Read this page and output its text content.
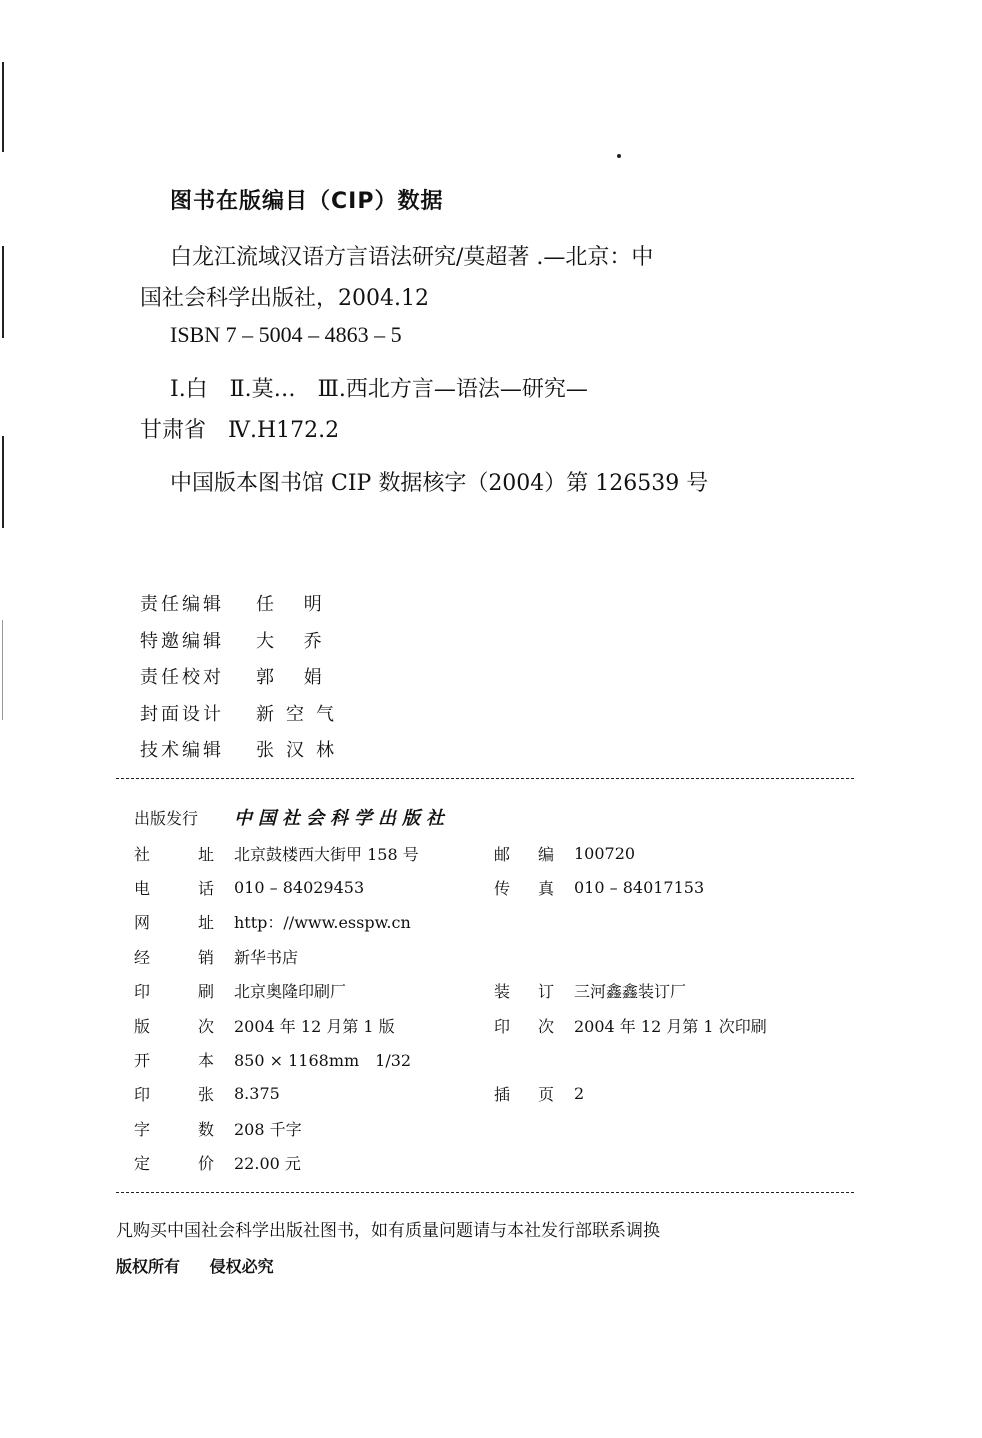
图书在版编目（CIP）数据
白龙江流域汉语方言语法研究/莫超著 .—北京：中
国社会科学出版社，2004.12
ISBN 7 – 5004 – 4863 – 5
Ⅰ.白　Ⅱ.莫…　Ⅲ.西北方言—语法—研究—
甘肃省　Ⅳ.H172.2
中国版本图书馆 CIP 数据核字（2004）第 126539 号
责任编辑	任 明
特邀编辑	大 乔
责任校对	郭 娟
封面设计	新空气
技术编辑	张汉林
出版发行	中国社会科学出版社
社	址 北京鼓楼西大街甲 158 号	邮 编 100720
电	话 010 – 84029453	传 真 010 – 84017153
网	址 http：//www.esspw.cn
经	销 新华书店
印	刷 北京奥隆印刷厂	装 订 三河鑫鑫装订厂
版	次 2004 年 12 月第 1 版	印 次 2004 年 12 月第 1 次印刷
开	本 850 × 1168mm　1/32
印	张 8.375	插 页 2
字	数 208 千字
定	价 22.00 元
凡购买中国社会科学出版社图书，如有质量问题请与本社发行部联系调换
版权所有 侵权必究
